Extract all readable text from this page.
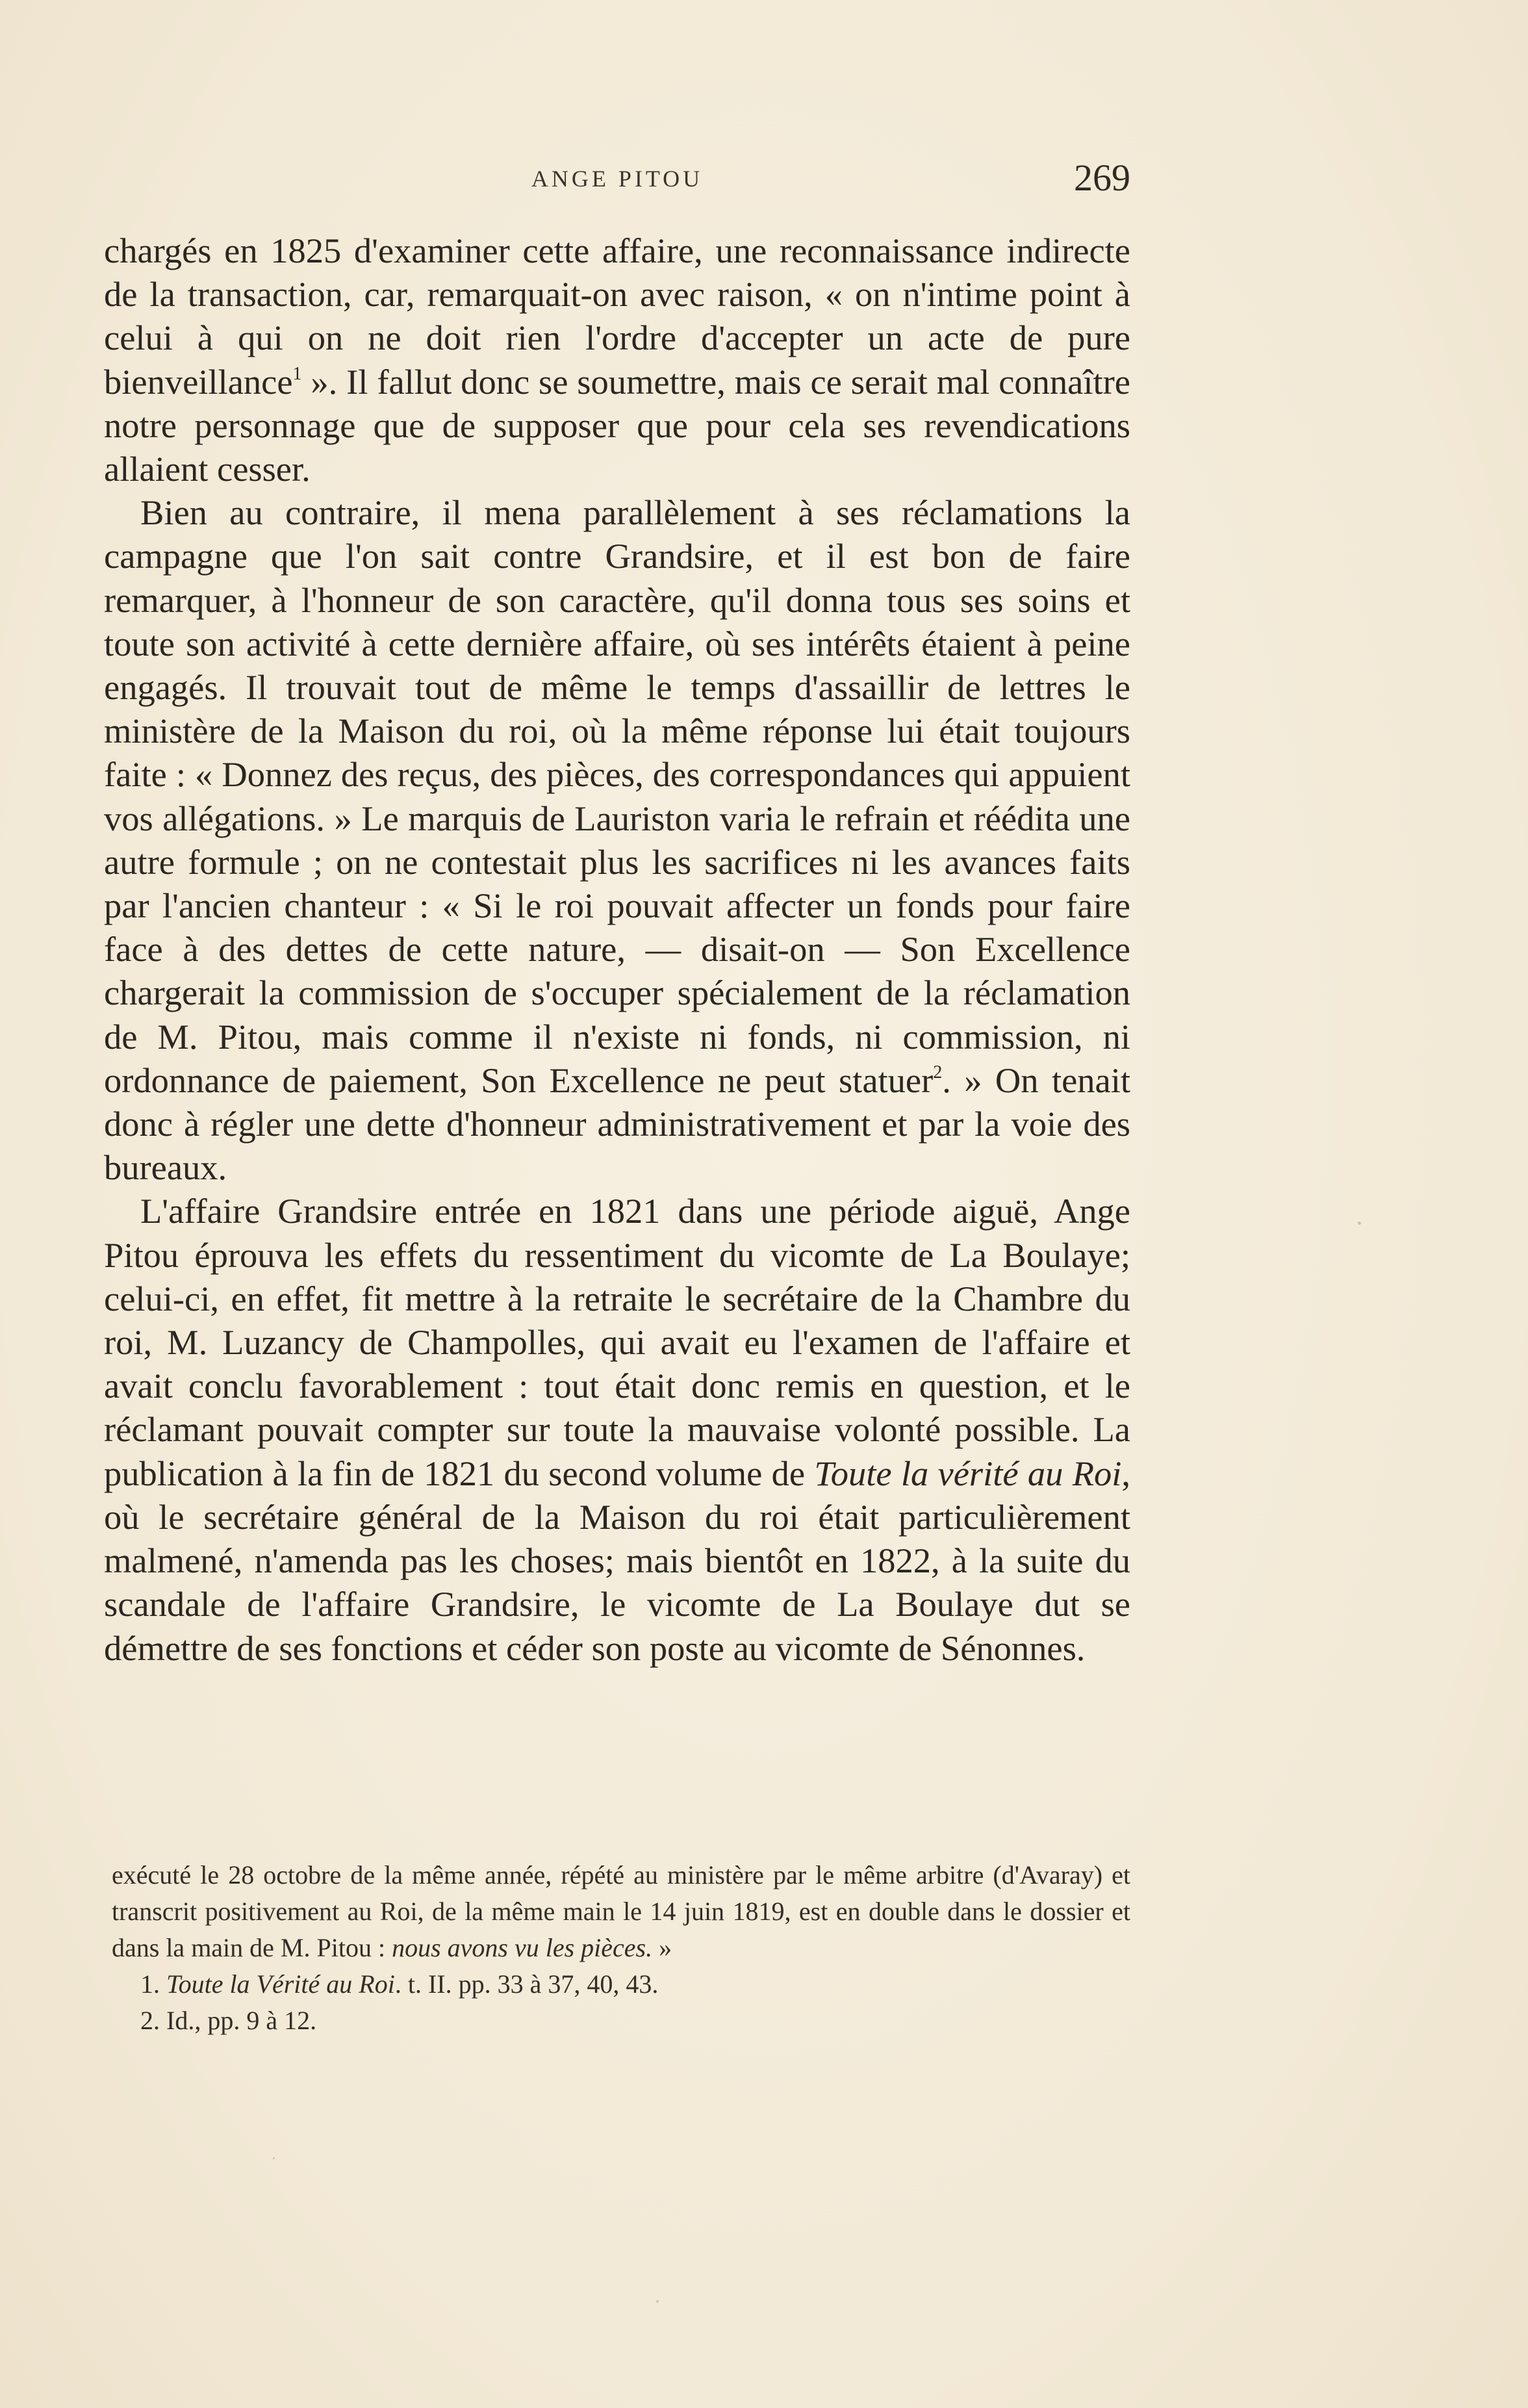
ANGE PITOU	269

chargés en 1825 d'examiner cette affaire, une reconnaissance indirecte de la transaction, car, remarquait-on avec raison, « on n'intime point à celui à qui on ne doit rien l'ordre d'accepter un acte de pure bienveillance$^1$ ». Il fallut donc se soumettre, mais ce serait mal connaître notre personnage que de supposer que pour cela ses revendications allaient cesser.

Bien au contraire, il mena parallèlement à ses réclamations la campagne que l'on sait contre Grandsire, et il est bon de faire remarquer, à l'honneur de son caractère, qu'il donna tous ses soins et toute son activité à cette dernière affaire, où ses intérêts étaient à peine engagés. Il trouvait tout de même le temps d'assaillir de lettres le ministère de la Maison du roi, où la même réponse lui était toujours faite : « Donnez des reçus, des pièces, des correspondances qui appuient vos allégations. » Le marquis de Lauriston varia le refrain et réédita une autre formule ; on ne contestait plus les sacrifices ni les avances faits par l'ancien chanteur : « Si le roi pouvait affecter un fonds pour faire face à des dettes de cette nature, — disait-on — Son Excellence chargerait la commission de s'occuper spécialement de la réclamation de M. Pitou, mais comme il n'existe ni fonds, ni commission, ni ordonnance de paiement, Son Excellence ne peut statuer$^2$. » On tenait donc à régler une dette d'honneur administrativement et par la voie des bureaux.

L'affaire Grandsire entrée en 1821 dans une période aiguë, Ange Pitou éprouva les effets du ressentiment du vicomte de La Boulaye; celui-ci, en effet, fit mettre à la retraite le secrétaire de la Chambre du roi, M. Luzancy de Champolles, qui avait eu l'examen de l'affaire et avait conclu favorablement : tout était donc remis en question, et le réclamant pouvait compter sur toute la mauvaise volonté possible. La publication à la fin de 1821 du second volume de Toute la vérité au Roi, où le secrétaire général de la Maison du roi était particulièrement malmené, n'amenda pas les choses; mais bientôt en 1822, à la suite du scandale de l'affaire Grandsire, le vicomte de La Boulaye dut se démettre de ses fonctions et céder son poste au vicomte de Sénonnes.

exécuté le 28 octobre de la même année, répété au ministère par le même arbitre (d'Avaray) et transcrit positivement au Roi, de la même main le 14 juin 1819, est en double dans le dossier et dans la main de M. Pitou : nous avons vu les pièces. »

1. Toute la Vérité au Roi. t. II. pp. 33 à 37, 40, 43.

2. Id., pp. 9 à 12.
